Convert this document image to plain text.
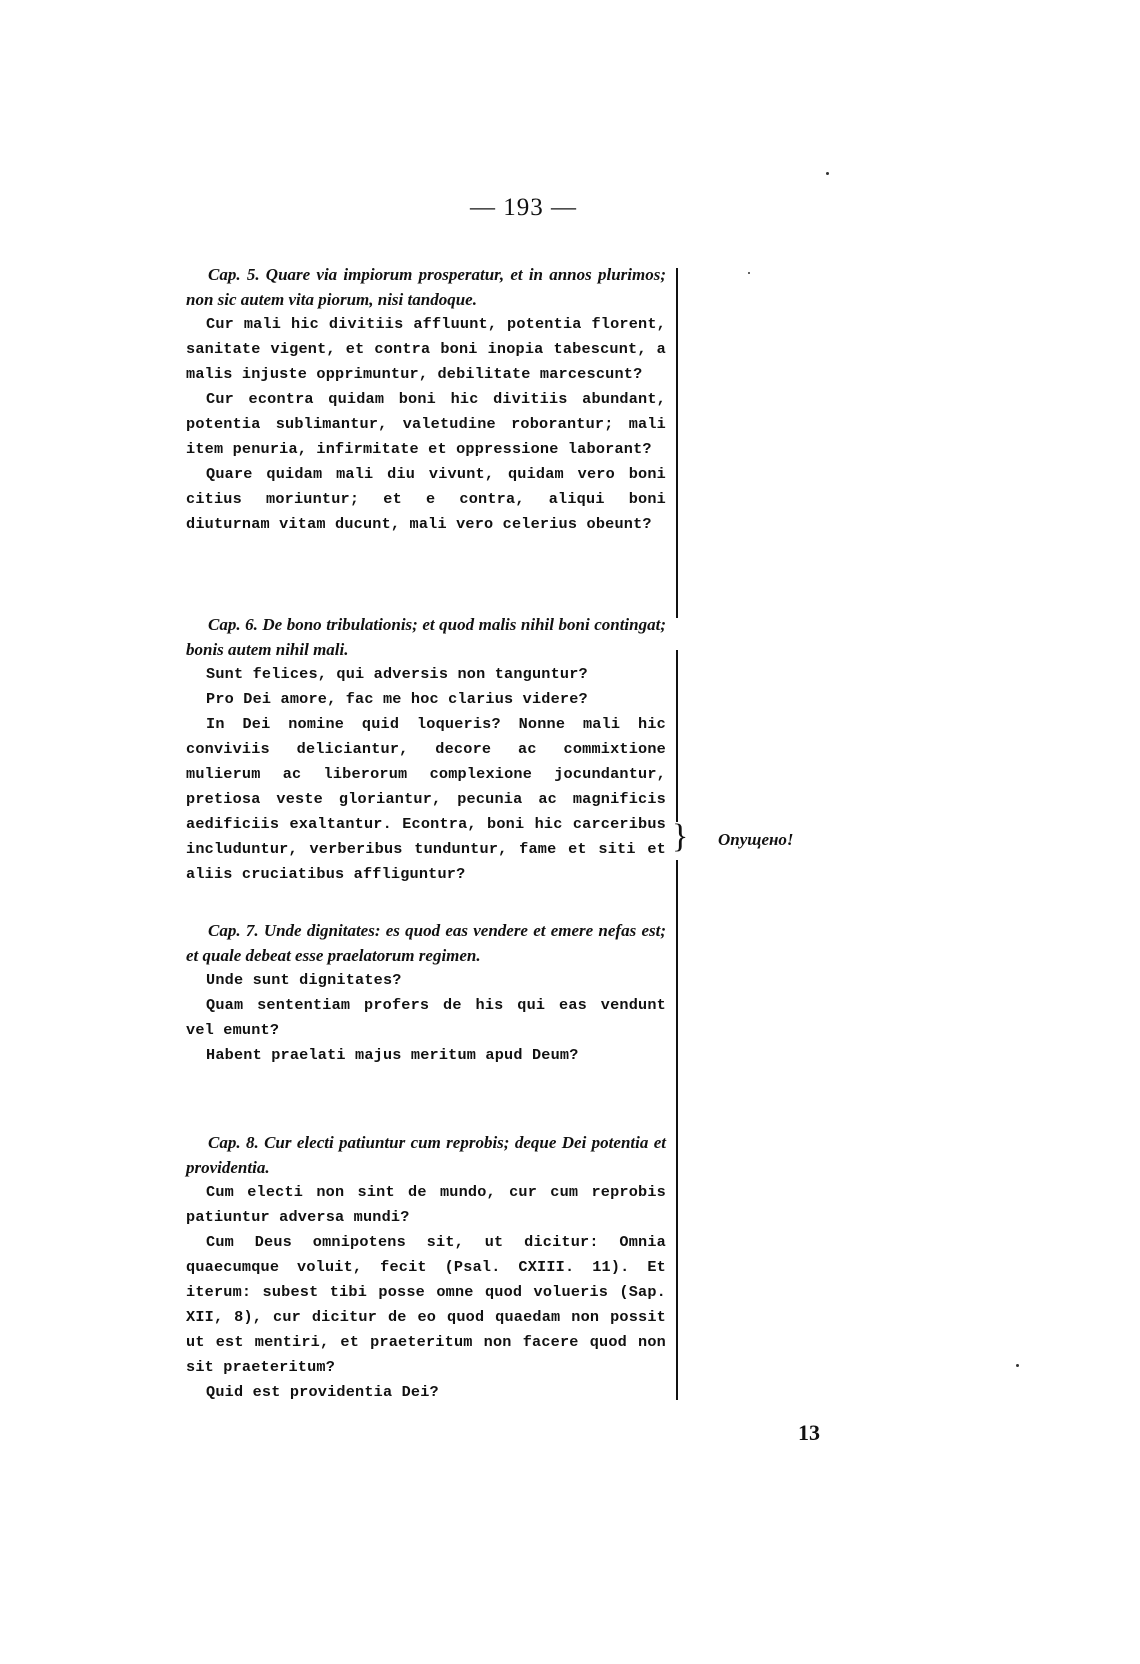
— 193 —

Cap. 5. Quare via impiorum prosperatur, et in annos plurimos; non sic autem vita piorum, nisi tandoque.

Cur mali hic divitiis affluunt, potentia florent, sanitate vigent, et contra boni inopia tabescunt, a malis injuste opprimuntur, debilitate marcescunt?

Cur econtra quidam boni hic divitiis abundant, potentia sublimantur, valetudine roborantur; mali item penuria, infirmitate et oppressione laborant?

Quare quidam mali diu vivunt, quidam vero boni citius moriuntur; et e contra, aliqui boni diuturnam vitam ducunt, mali vero celerius obeunt?

Cap. 6. De bono tribulationis; et quod malis nihil boni contingat; bonis autem nihil mali.

Sunt felices, qui adversis non tanguntur?

Pro Dei amore, fac me hoc clarius videre?

In Dei nomine quid loqueris? Nonne mali hic conviviis deliciantur, decore ac commixtione mulierum ac liberorum complexione jocundantur, pretiosa veste gloriantur, pecunia ac magnificis aedificiis exaltantur. Econtra, boni hic carceribus includuntur, verberibus tunduntur, fame et siti et aliis cruciatibus affliguntur?

Cap. 7. Unde dignitates: es quod eas vendere et emere nefas est; et quale debeat esse praelatorum regimen.

Unde sunt dignitates?

Quam sententiam profers de his qui eas vendunt vel emunt?

Habent praelati majus meritum apud Deum?

Cap. 8. Cur electi patiuntur cum reprobis; deque Dei potentia et providentia.

Cum electi non sint de mundo, cur cum reprobis patiuntur adversa mundi?

Cum Deus omnipotens sit, ut dicitur: Omnia quaecumque voluit, fecit (Psal. CXIII. 11). Et iterum: subest tibi posse omne quod volueris (Sap. XII, 8), cur dicitur de eo quod quaedam non possit ut est mentiri, et praeteritum non facere quod non sit praeteritum?

Quid est providentia Dei?

} Опущено!
13
